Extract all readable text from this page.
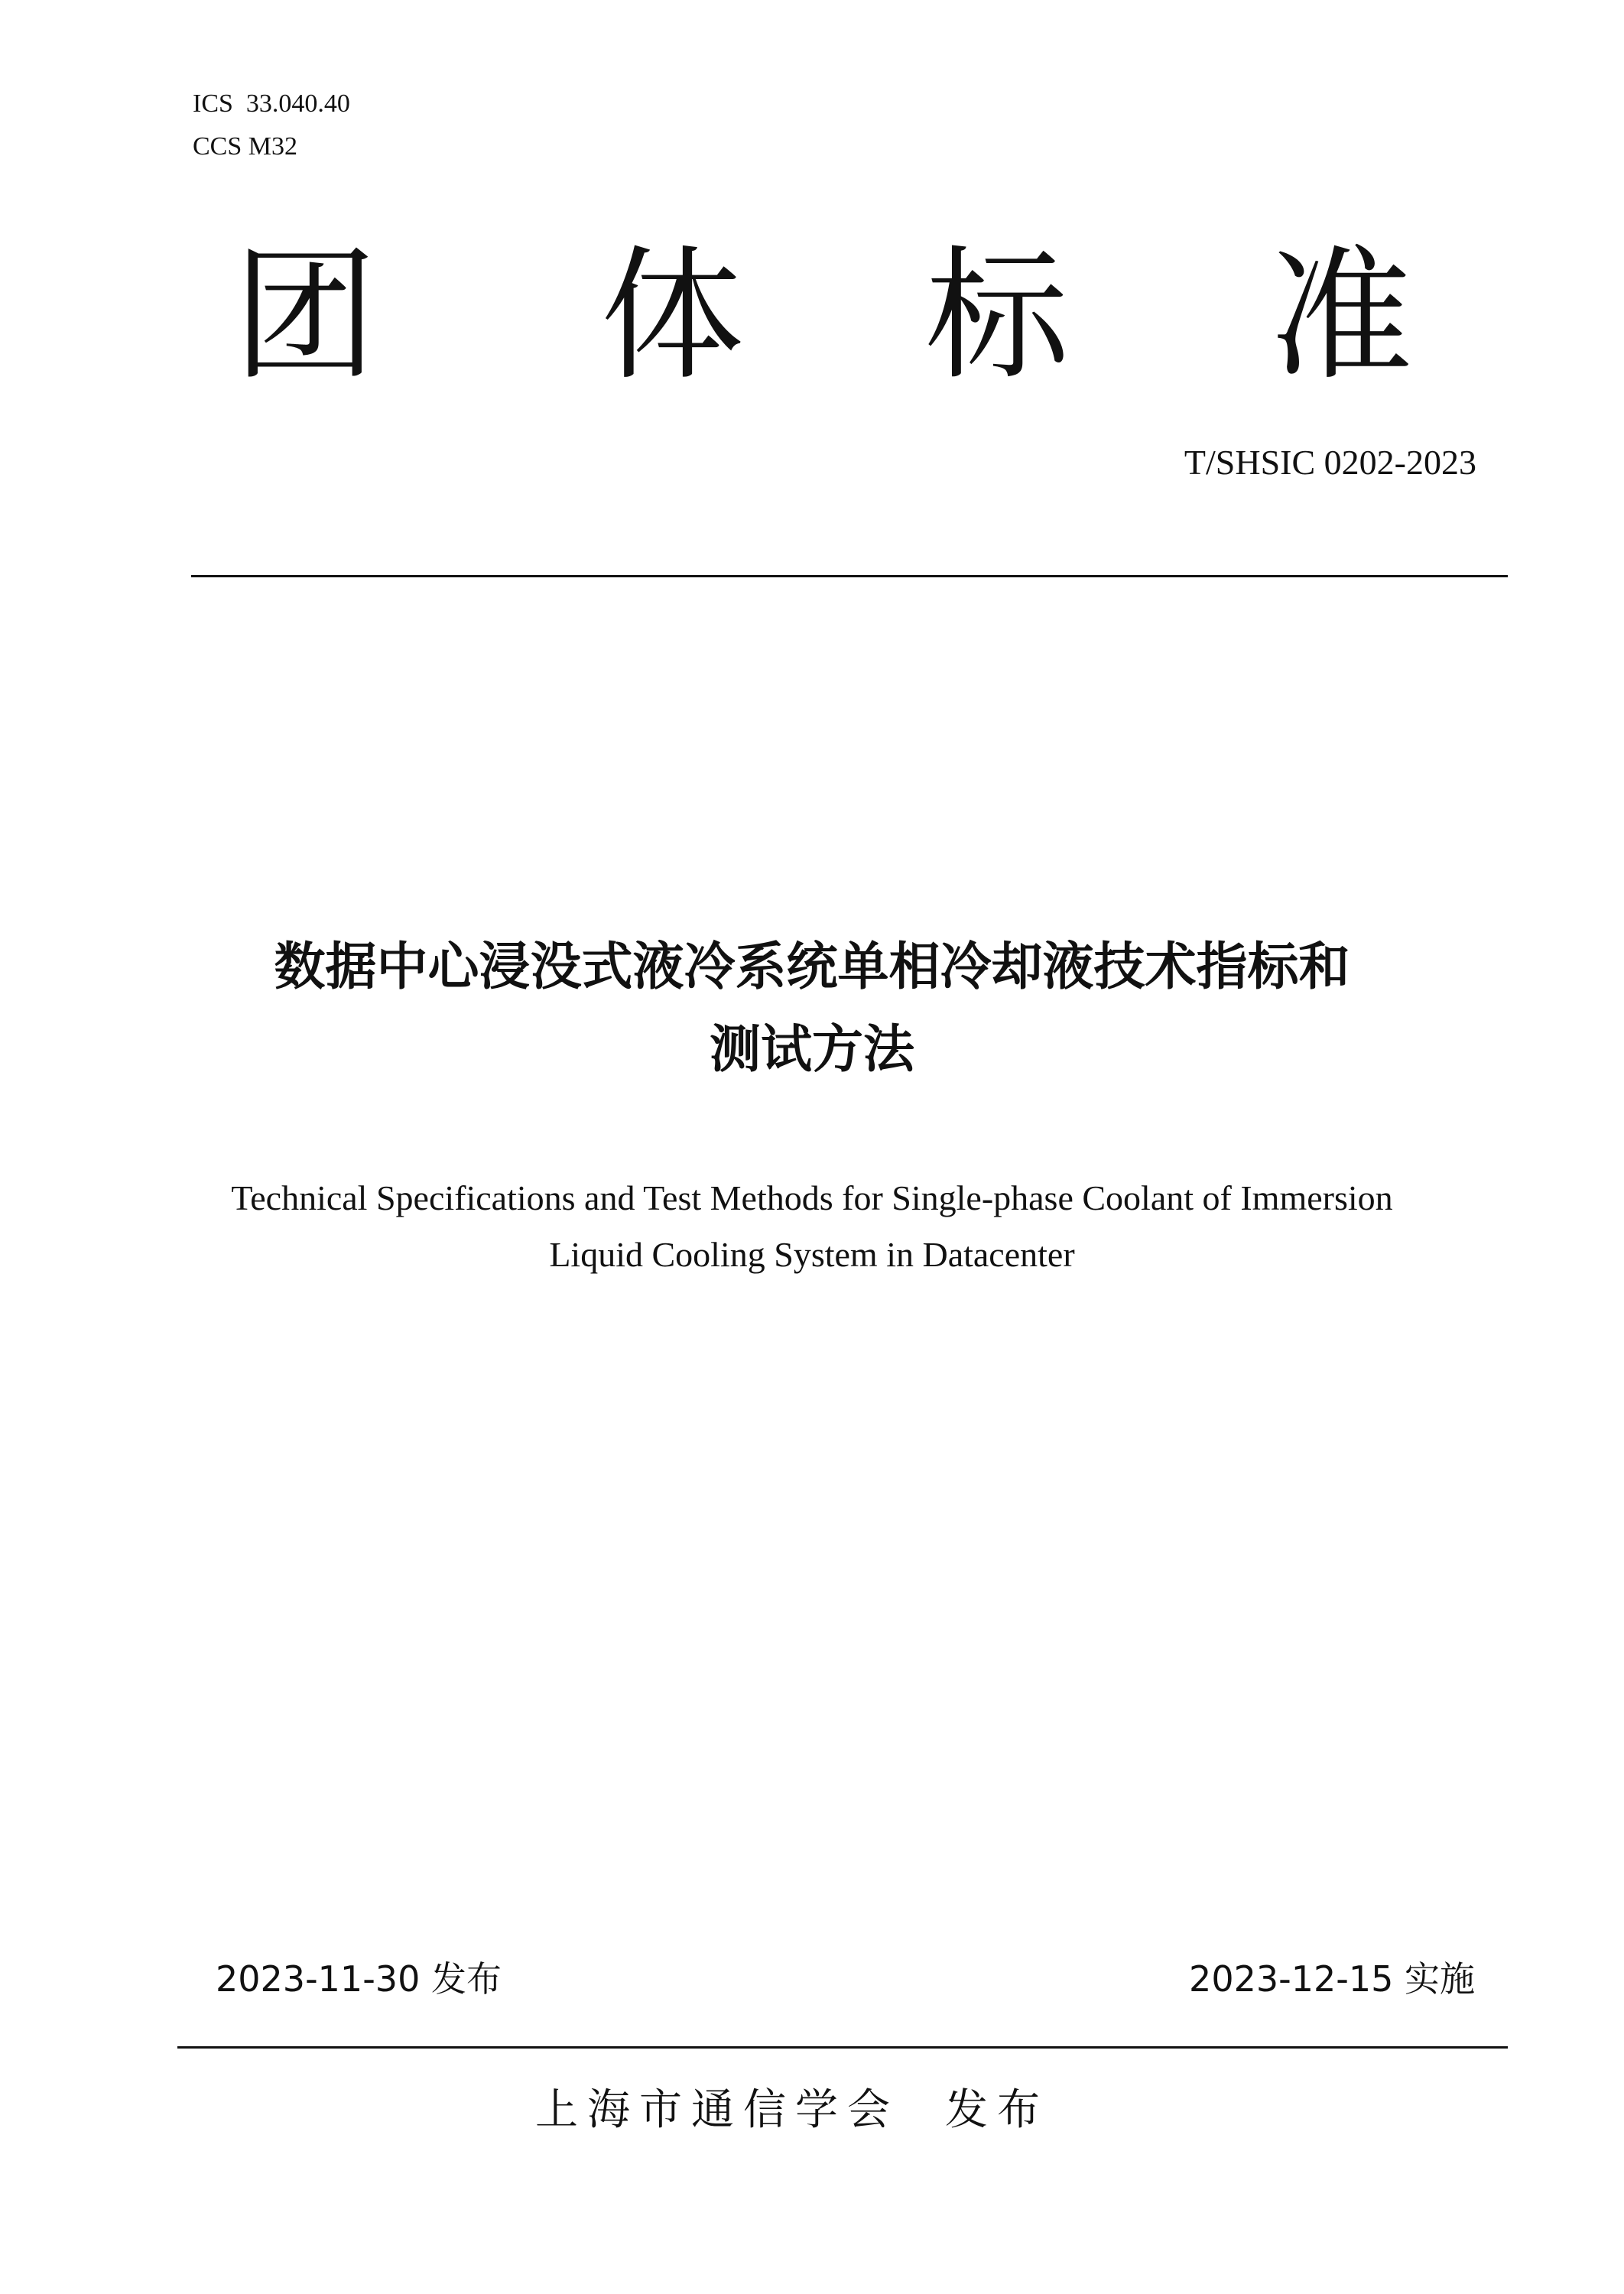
ICS  33.040.40
CCS M32
团 体 标 准
T/SHSIC 0202-2023
数据中心浸没式液冷系统单相冷却液技术指标和
测试方法
Technical Specifications and Test Methods for Single-phase Coolant of Immersion
Liquid Cooling System in Datacenter
2023-11-30 发布	2023-12-15 实施
上海市通信学会 发布
